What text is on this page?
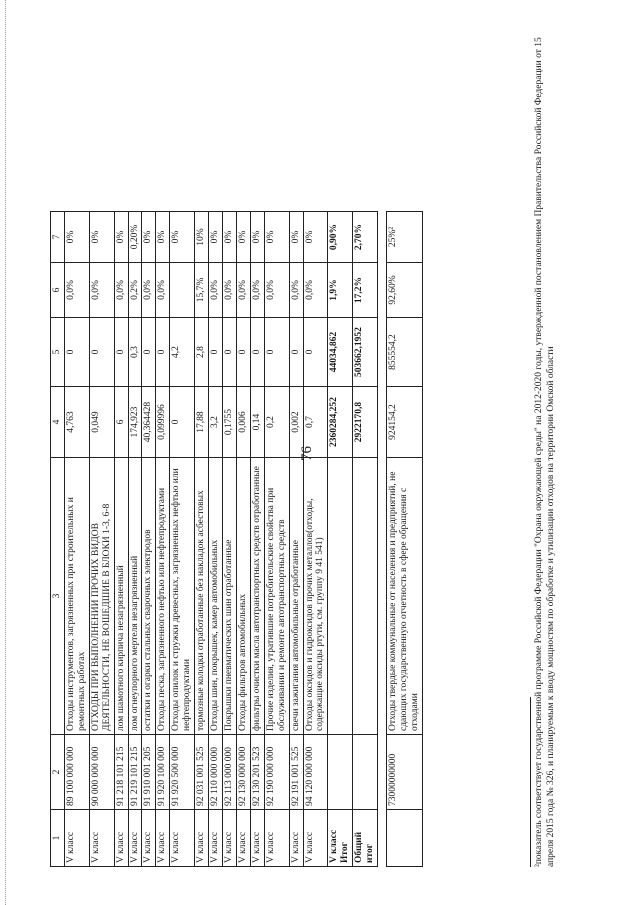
76
1	2	3	4	5	6	7
V класс	89 100 000 000	Отходы инструментов, загрязненных при строительных и ремонтных работах	4,763	0	0,0%	0%
V класс	90 000 000 000	ОТХОДЫ ПРИ ВЫПОЛНЕНИИ ПРОЧИХ ВИДОВ ДЕЯТЕЛЬНОСТИ, НЕ ВОШЕДШИЕ В БЛОКИ 1-3, 6-8	0,049	0	0,0%	0%
V класс	91 218 101 215	лом шамотного кирпича незагрязненный	6	0	0,0%	0%
V класс	91 219 101 215	лом огнеупорного мертеля незагрязненный	174,923	0,3	0,2%	0,20%
V класс	91 910 001 205	остатки и огарки стальных сварочных электродов	40,364428	0	0,0%	0%
V класс	91 920 100 000	Отходы песка, загрязненного нефтью или нефтепродуктами	0,099996	0	0,0%	0%
V класс	91 920 500 000	Отходы опилок и стружки древесных, загрязненных нефтью или нефтепродуктами	0	4,2		0%
V класс	92 031 001 525	тормозные колодки отработанные без накладок асбестовых	17,88	2,8	15,7%	10%
V класс	92 110 000 000	Отходы шин, покрышек, камер автомобильных	3,2	0	0,0%	0%
V класс	92 113 000 000	Покрышки пневматических шин отработанные	0,1755	0	0,0%	0%
V класс	92 130 000 000	Отходы фильтров автомобильных	0,006	0	0,0%	0%
V класс	92 130 201 523	фильтры очистки масла автотранспортных средств отработанные	0,14	0	0,0%	0%
V класс	92 190 000 000	Прочие изделия, утратившие потребительские свойства при обслуживании и ремонте автотранспортных средств	0,2	0	0,0%	0%
V класс	92 191 001 525	свечи зажигания автомобильные отработанные	0,002	0	0,0%	0%
V класс	94 120 000 000	Отходы оксидов и гидроксидов прочих металлов(отходы, содержащие оксиды ртути, см. группу 9 41 541)	0,7	0	0,0%	0%
V класс Итог			2360284,252	44034,862	1,9%	0,90%
Общий итог			2922170,8	503662,1952	17,2%	2,70%
	73000000000	Отходы твердые коммунальные от населения и предприятий, не сдающих государственную отчетность в сфере обращения с отходами	924154,2	855554,2	92,60%	25%²	²показатель соответствует государственной программе Российской Федерации "Охрана окружающей среды" на 2012-2020 годы, утвержденной постановлением Правительства Российской Федерации от 15 апреля 2015 года № 326, и планируемым к вводу мощностям по обработке и утилизации отходов на территории Омской области
